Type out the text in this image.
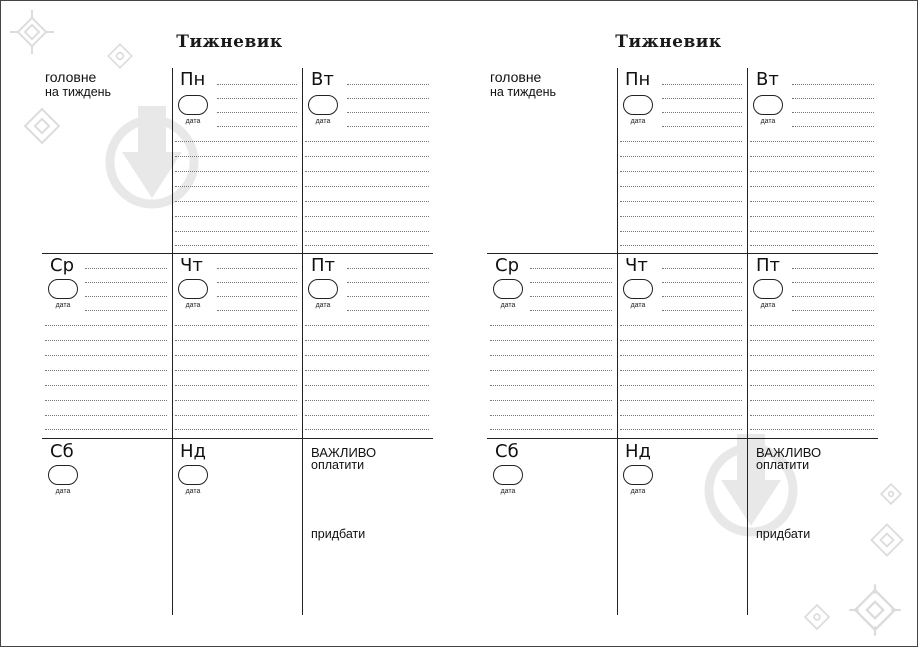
Тижневик
головне
на тиждень
Пн
дата
Вт
дата
Ср
дата
Чт
дата
Пт
дата
Сб
дата
Нд
дата
ВАЖЛИВО
оплатити
придбати
Тижневик
головне
на тиждень
Пн
дата
Вт
дата
Ср
дата
Чт
дата
Пт
дата
Сб
дата
Нд
дата
ВАЖЛИВО
оплатити
придбати
